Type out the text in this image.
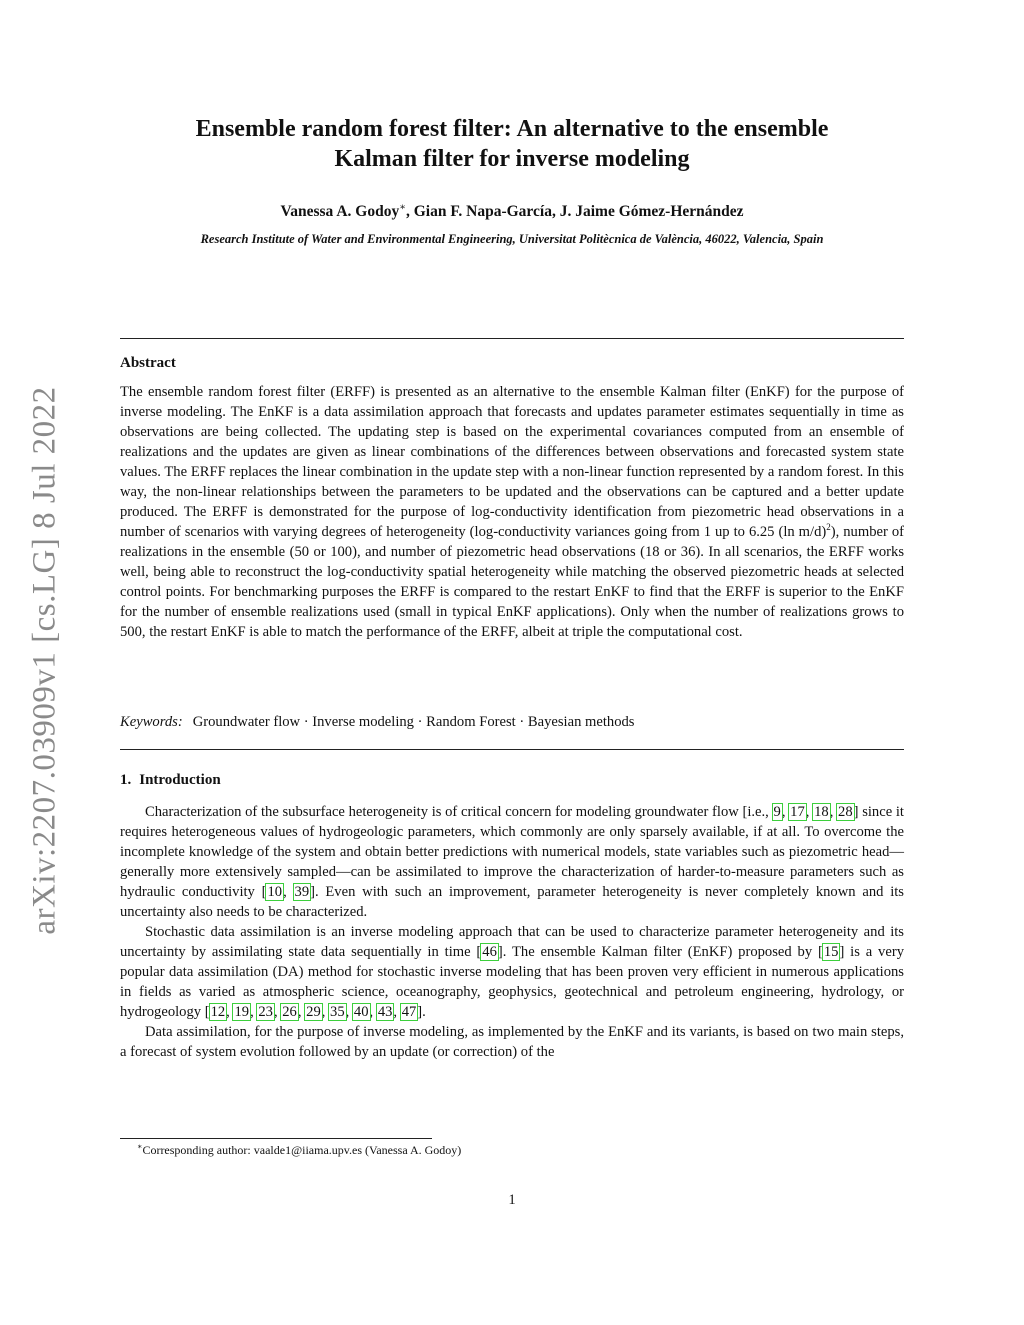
arXiv:2207.03909v1 [cs.LG] 8 Jul 2022
Ensemble random forest filter: An alternative to the ensemble
Kalman filter for inverse modeling

Vanessa A. Godoy∗, Gian F. Napa-García, J. Jaime Gómez-Hernández

Research Institute of Water and Environmental Engineering, Universitat Politècnica de València, 46022, Valencia, Spain

Abstract

The ensemble random forest filter (ERFF) is presented as an alternative to the ensemble Kalman filter (EnKF) for the purpose of inverse modeling. The EnKF is a data assimilation approach that forecasts and updates parameter estimates sequentially in time as observations are being collected. The updating step is based on the experimental covariances computed from an ensemble of realizations and the updates are given as linear combinations of the differences between observations and forecasted system state values. The ERFF replaces the linear combination in the update step with a non-linear function represented by a random forest. In this way, the non-linear relationships between the parameters to be updated and the observations can be captured and a better update produced. The ERFF is demonstrated for the purpose of log-conductivity identification from piezometric head observations in a number of scenarios with varying degrees of heterogeneity (log-conductivity variances going from 1 up to 6.25 (ln m/d)$^2$), number of realizations in the ensemble (50 or 100), and number of piezometric head observations (18 or 36). In all scenarios, the ERFF works well, being able to reconstruct the log-conductivity spatial heterogeneity while matching the observed piezometric heads at selected control points. For benchmarking purposes the ERFF is compared to the restart EnKF to find that the ERFF is superior to the EnKF for the number of ensemble realizations used (small in typical EnKF applications). Only when the number of realizations grows to 500, the restart EnKF is able to match the performance of the ERFF, albeit at triple the computational cost.

Keywords: Groundwater flow · Inverse modeling · Random Forest · Bayesian methods

1. Introduction

Characterization of the subsurface heterogeneity is of critical concern for modeling groundwater flow [i.e., 9, 17, 18, 28] since it requires heterogeneous values of hydrogeologic parameters, which commonly are only sparsely available, if at all. To overcome the incomplete knowledge of the system and obtain better predictions with numerical models, state variables such as piezometric head—generally more extensively sampled—can be assimilated to improve the characterization of harder-to-measure parameters such as hydraulic conductivity [10, 39]. Even with such an improvement, parameter heterogeneity is never completely known and its uncertainty also needs to be characterized.

Stochastic data assimilation is an inverse modeling approach that can be used to characterize parameter heterogeneity and its uncertainty by assimilating state data sequentially in time [46]. The ensemble Kalman filter (EnKF) proposed by [15] is a very popular data assimilation (DA) method for stochastic inverse modeling that has been proven very efficient in numerous applications in fields as varied as atmospheric science, oceanography, geophysics, geotechnical and petroleum engineering, hydrology, or hydrogeology [12, 19, 23, 26, 29, 35, 40, 43, 47].

Data assimilation, for the purpose of inverse modeling, as implemented by the EnKF and its variants, is based on two main steps, a forecast of system evolution followed by an update (or correction) of the

∗Corresponding author: vaalde1@iiama.upv.es (Vanessa A. Godoy)

1
